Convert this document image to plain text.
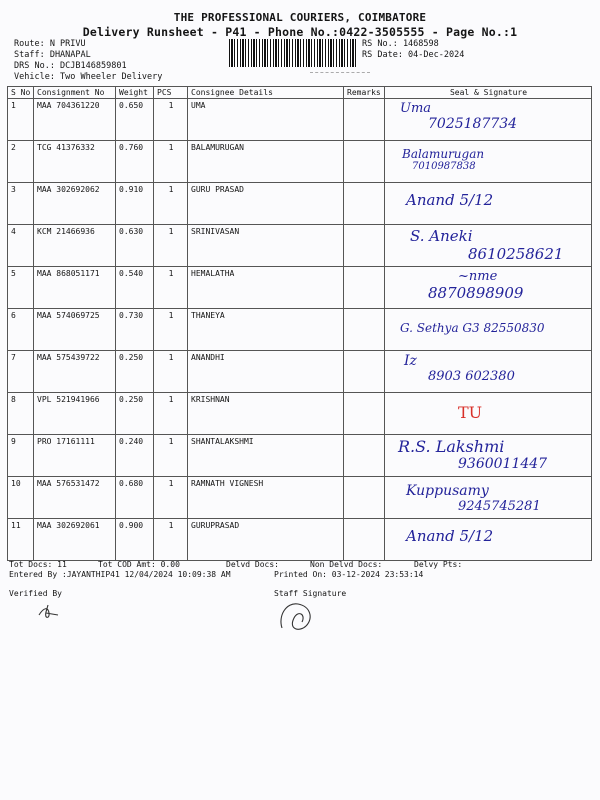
THE PROFESSIONAL COURIERS, COIMBATORE
Delivery Runsheet - P41 - Phone No.:0422-3505555 - Page No.:1
Route: N PRIVU
Staff: DHANAPAL
DRS No.: DCJB146859801
Vehicle: Two Wheeler Delivery
RS No.: 1468598
RS Date: 04-Dec-2024
S No	Consignment No	Weight	PCS	Consignee Details	Remarks	Seal & Signature
1	MAA 704361220	0.650	1	UMA		Uma
7025187734

2	TCG 41376332	0.760	1	BALAMURUGAN		Balamurugan
7010987838

3	MAA 302692062	0.910	1	GURU PRASAD		Anand 5/12

4	KCM 21466936	0.630	1	SRINIVASAN		S. Aneki
8610258621

5	MAA 868051171	0.540	1	HEMALATHA		~nme
8870898909

6	MAA 574069725	0.730	1	THANEYA		G. Sethya G3 82550830

7	MAA 575439722	0.250	1	ANANDHI		Iz
8903 602380

8	VPL 521941966	0.250	1	KRISHNAN		TU

9	PRO 17161111	0.240	1	SHANTALAKSHMI		R.S. Lakshmi
9360011447

10	MAA 576531472	0.680	1	RAMNATH VIGNESH		Kuppusamy
9245745281

11	MAA 302692061	0.900	1	GURUPRASAD		Anand 5/12
Tot Docs: 11	Tot COD Amt: 0.00	Delvd Docs:	Non Delvd Docs:	Delvy Pts:
Entered By :JAYANTHIP41 12/04/2024 10:09:38 AM	Printed On: 03-12-2024 23:53:14
Verified By	Staff Signature
